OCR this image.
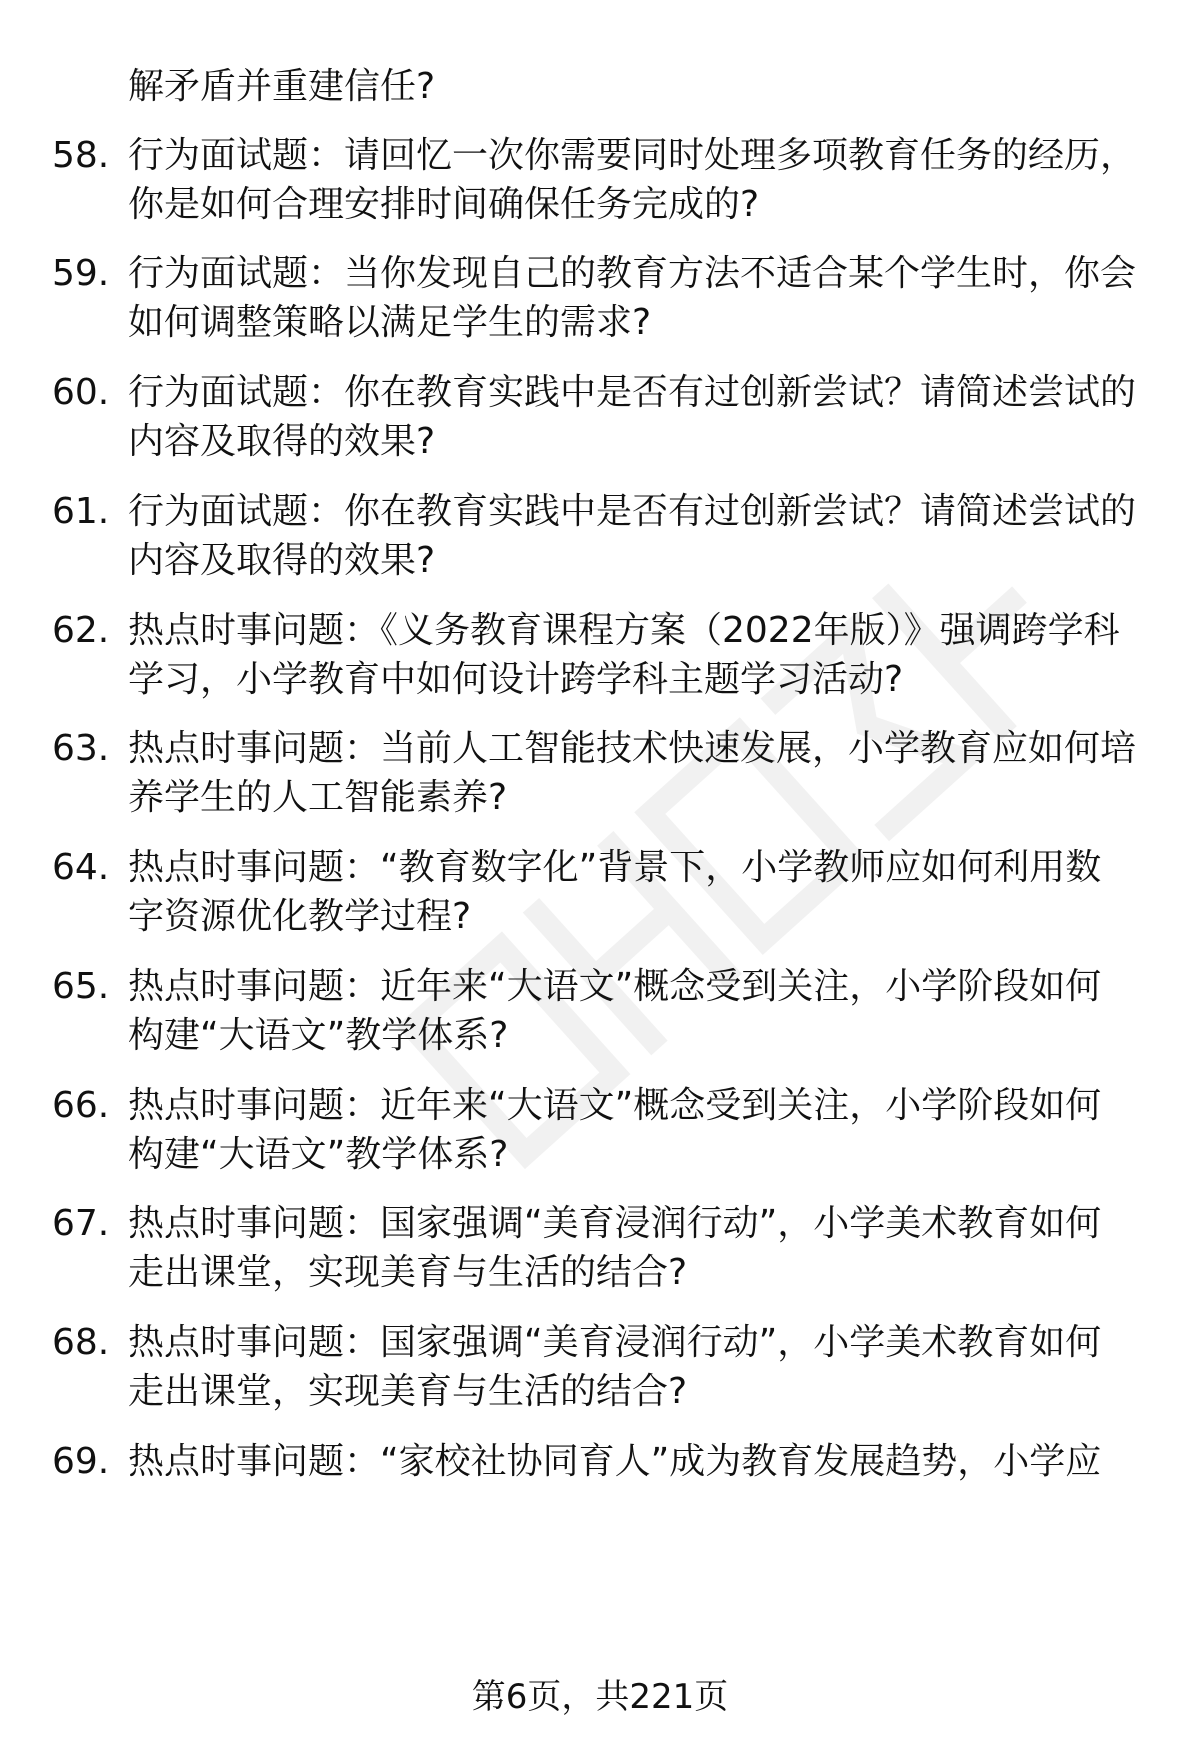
解矛盾并重建信任?
58. 行为面试题：请回忆一次你需要同时处理多项教育任务的经历，
你是如何合理安排时间确保任务完成的?
59. 行为面试题：当你发现自己的教育方法不适合某个学生时，你会
如何调整策略以满足学生的需求?
60. 行为面试题：你在教育实践中是否有过创新尝试？请简述尝试的
内容及取得的效果?
61. 行为面试题：你在教育实践中是否有过创新尝试？请简述尝试的
内容及取得的效果?
62. 热点时事问题：《义务教育课程方案（2022年版）》强调跨学科
学习，小学教育中如何设计跨学科主题学习活动?
63. 热点时事问题：当前人工智能技术快速发展，小学教育应如何培
养学生的人工智能素养?
64. 热点时事问题：“教育数字化”背景下，小学教师应如何利用数
字资源优化教学过程?
65. 热点时事问题：近年来“大语文”概念受到关注，小学阶段如何
构建“大语文”教学体系?
66. 热点时事问题：近年来“大语文”概念受到关注，小学阶段如何
构建“大语文”教学体系?
67. 热点时事问题：国家强调“美育浸润行动”，小学美术教育如何
走出课堂，实现美育与生活的结合?
68. 热点时事问题：国家强调“美育浸润行动”，小学美术教育如何
走出课堂，实现美育与生活的结合?
69. 热点时事问题：“家校社协同育人”成为教育发展趋势，小学应
第6页，共221页
